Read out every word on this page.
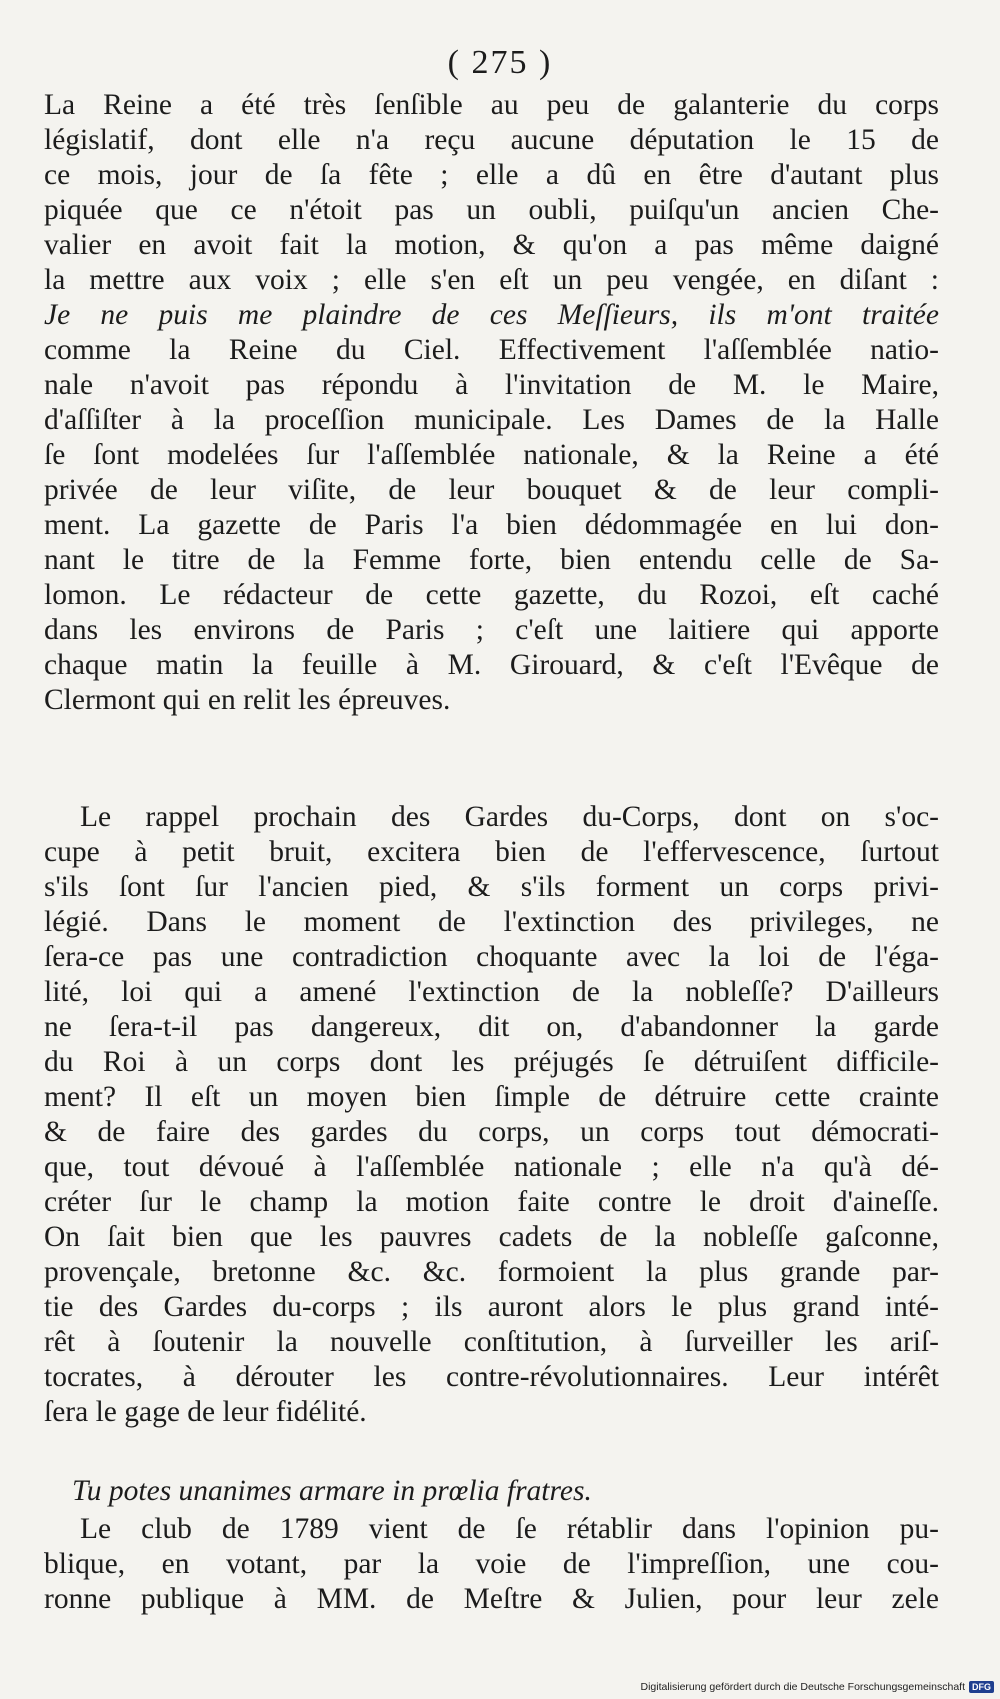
( 275 )
La Reine a été très ſenſible au peu de galanterie du corps
législatif, dont elle n'a reçu aucune députation le 15 de
ce mois, jour de ſa fête ; elle a dû en être d'autant plus
piquée que ce n'étoit pas un oubli, puiſqu'un ancien Che-
valier en avoit fait la motion, & qu'on a pas même daigné
la mettre aux voix ; elle s'en eſt un peu vengée, en diſant :
Je ne puis me plaindre de ces Meſſieurs, ils m'ont traitée
comme la Reine du Ciel. Effectivement l'aſſemblée natio-
nale n'avoit pas répondu à l'invitation de M. le Maire,
d'aſſiſter à la proceſſion municipale. Les Dames de la Halle
ſe ſont modelées ſur l'aſſemblée nationale, & la Reine a été
privée de leur viſite, de leur bouquet & de leur compli-
ment. La gazette de Paris l'a bien dédommagée en lui don-
nant le titre de la Femme forte, bien entendu celle de Sa-
lomon. Le rédacteur de cette gazette, du Rozoi, eſt caché
dans les environs de Paris ; c'eſt une laitiere qui apporte
chaque matin la feuille à M. Girouard, & c'eſt l'Evêque de
Clermont qui en relit les épreuves.
Le rappel prochain des Gardes du-Corps, dont on s'oc-
cupe à petit bruit, excitera bien de l'effervescence, ſurtout
s'ils ſont ſur l'ancien pied, & s'ils forment un corps privi-
légié. Dans le moment de l'extinction des privileges, ne
ſera-ce pas une contradiction choquante avec la loi de l'éga-
lité, loi qui a amené l'extinction de la nobleſſe? D'ailleurs
ne ſera-t-il pas dangereux, dit on, d'abandonner la garde
du Roi à un corps dont les préjugés ſe détruiſent difficile-
ment? Il eſt un moyen bien ſimple de détruire cette crainte
& de faire des gardes du corps, un corps tout démocrati-
que, tout dévoué à l'aſſemblée nationale ; elle n'a qu'à dé-
créter ſur le champ la motion faite contre le droit d'aineſſe.
On ſait bien que les pauvres cadets de la nobleſſe gaſconne,
provençale, bretonne &c. &c. formoient la plus grande par-
tie des Gardes du-corps ; ils auront alors le plus grand inté-
rêt à ſoutenir la nouvelle conſtitution, à ſurveiller les ariſ-
tocrates, à dérouter les contre-révolutionnaires. Leur intérêt
ſera le gage de leur fidélité.
Tu potes unanimes armare in prœlia fratres.
Le club de 1789 vient de ſe rétablir dans l'opinion pu-
blique, en votant, par la voie de l'impreſſion, une cou-
ronne publique à MM. de Meſtre & Julien, pour leur zele
Digitalisierung gefördert durch die Deutsche Forschungsgemeinschaft DFG
